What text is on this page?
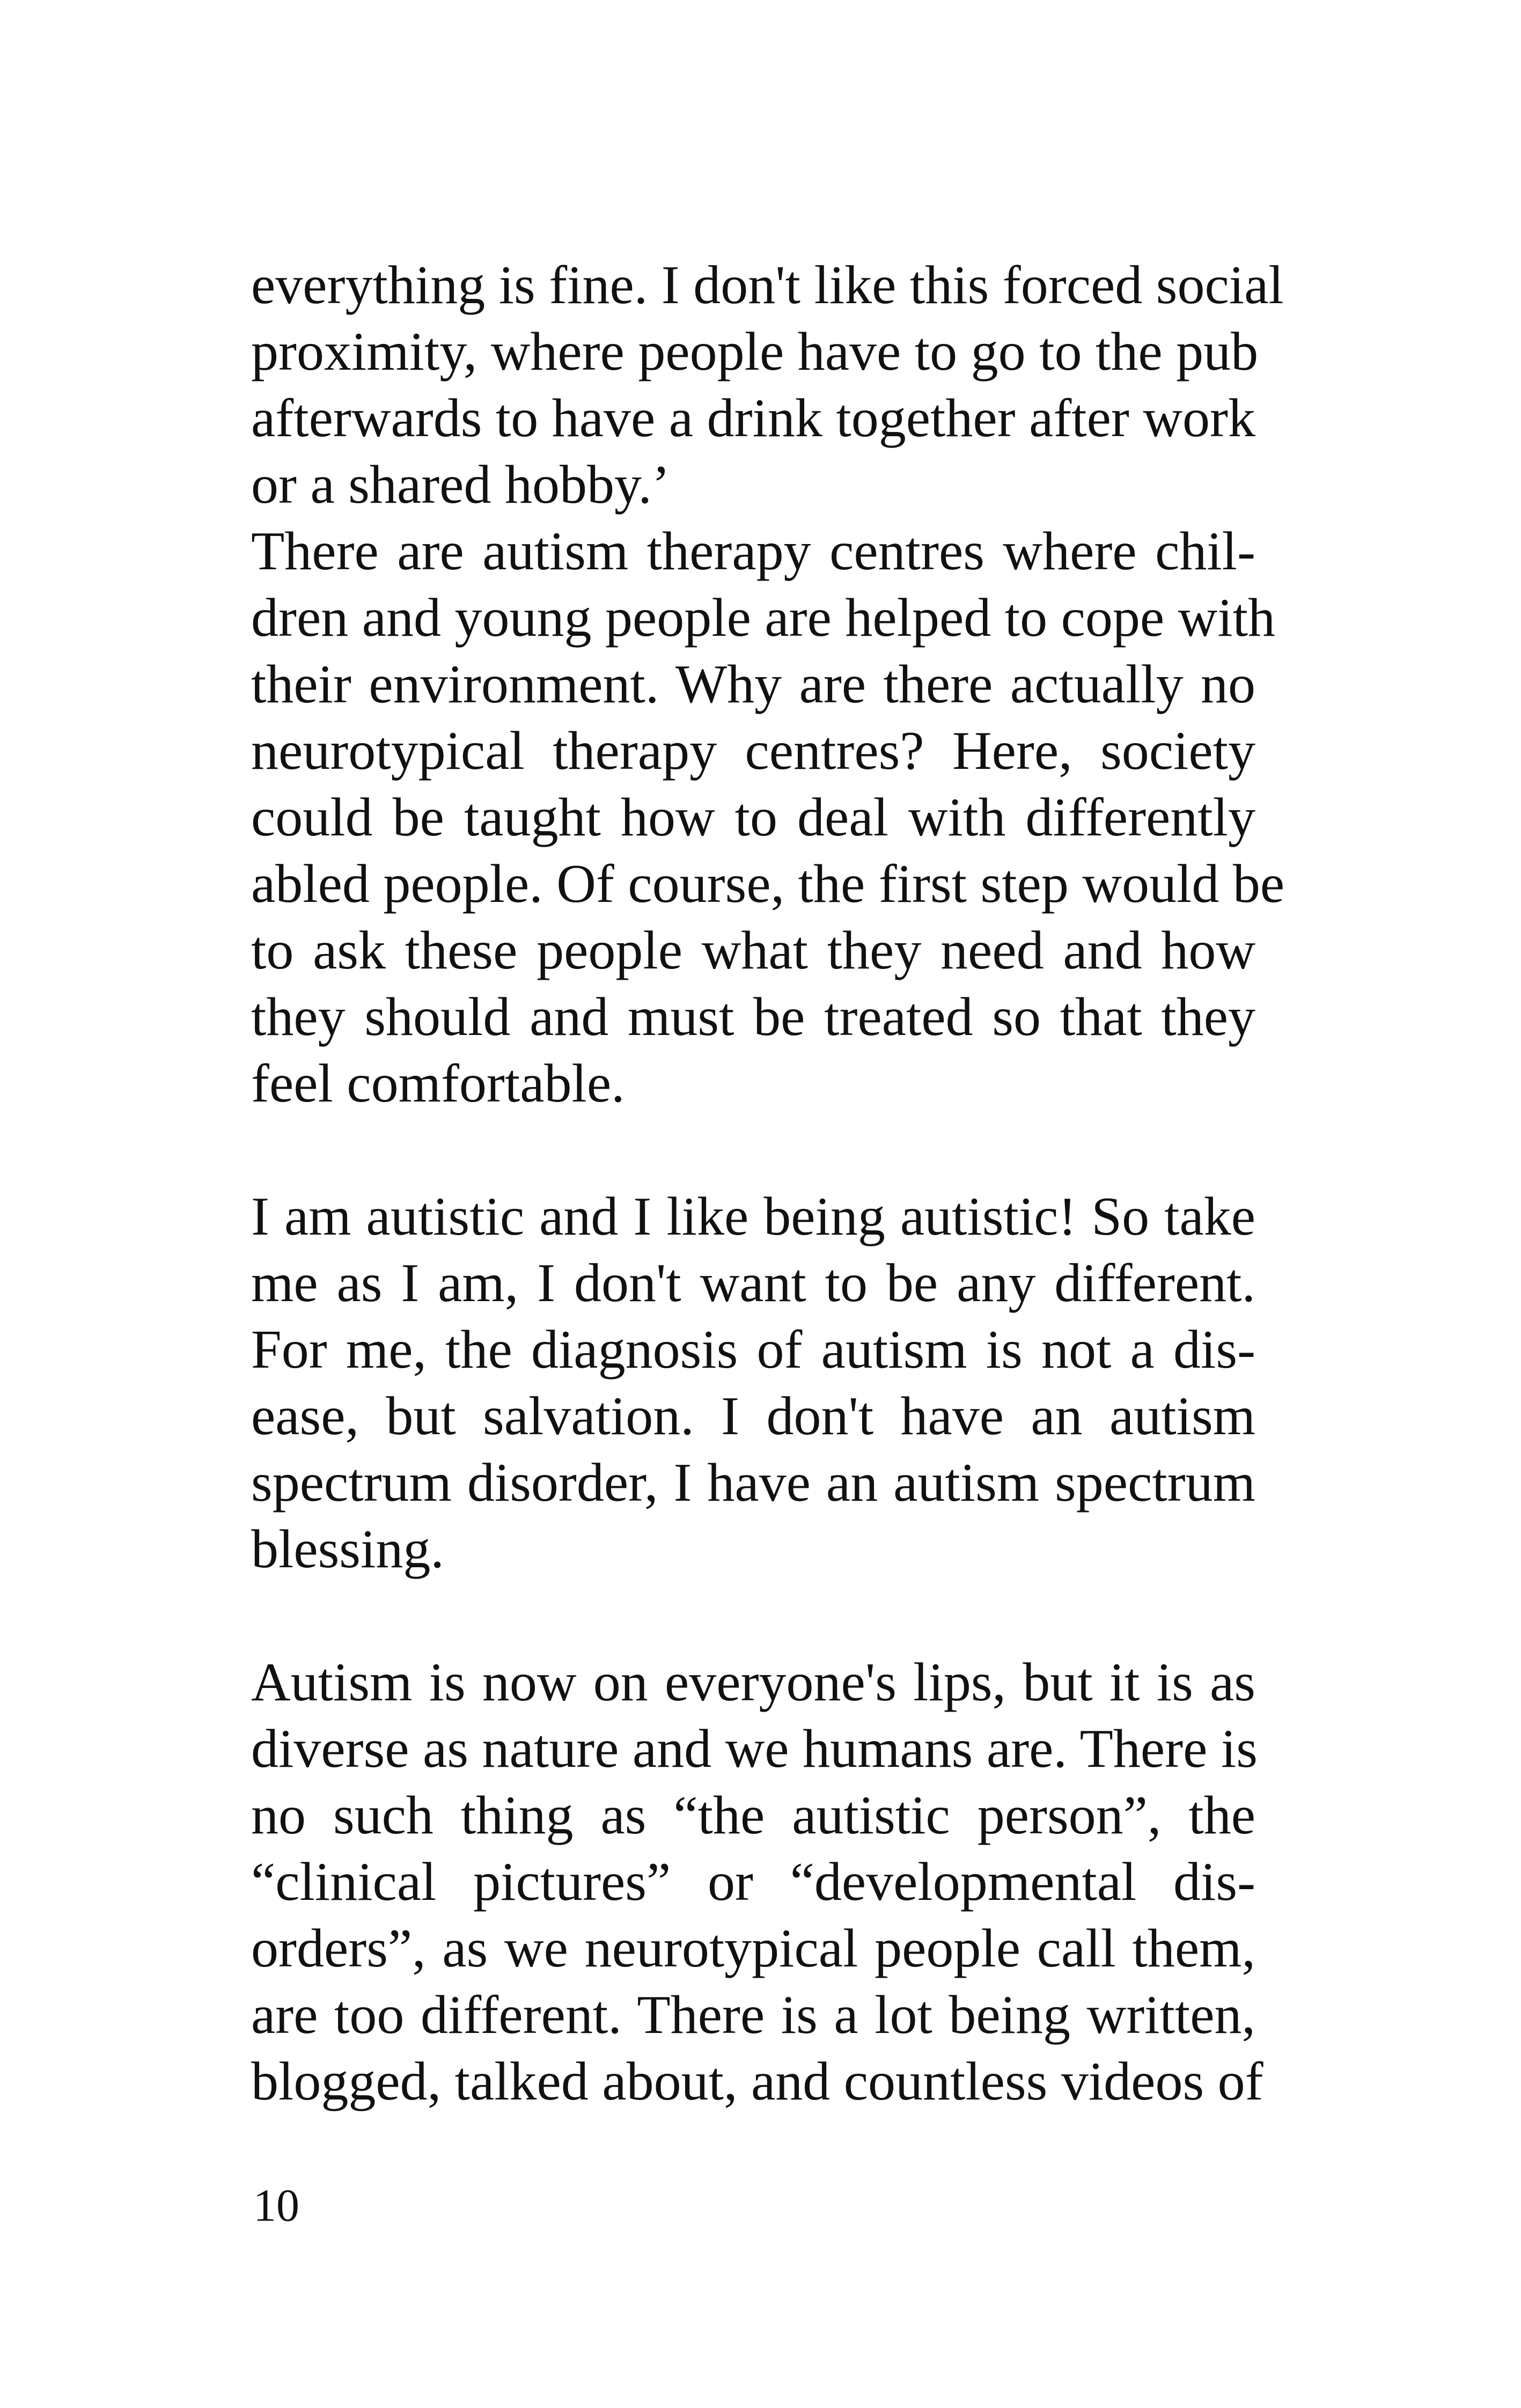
everything is fine. I don't like this forced social
proximity, where people have to go to the pub
afterwards to have a drink together after work
or a shared hobby.’
There are autism therapy centres where chil-
dren and young people are helped to cope with
their environment. Why are there actually no
neurotypical therapy centres? Here, society
could be taught how to deal with differently
abled people. Of course, the first step would be
to ask these people what they need and how
they should and must be treated so that they
feel comfortable.
I am autistic and I like being autistic! So take
me as I am, I don't want to be any different.
For me, the diagnosis of autism is not a dis-
ease, but salvation. I don't have an autism
spectrum disorder, I have an autism spectrum
blessing.
Autism is now on everyone's lips, but it is as
diverse as nature and we humans are. There is
no such thing as “the autistic person”, the
“clinical pictures” or “developmental dis-
orders”, as we neurotypical people call them,
are too different. There is a lot being written,
blogged, talked about, and countless videos of
10
